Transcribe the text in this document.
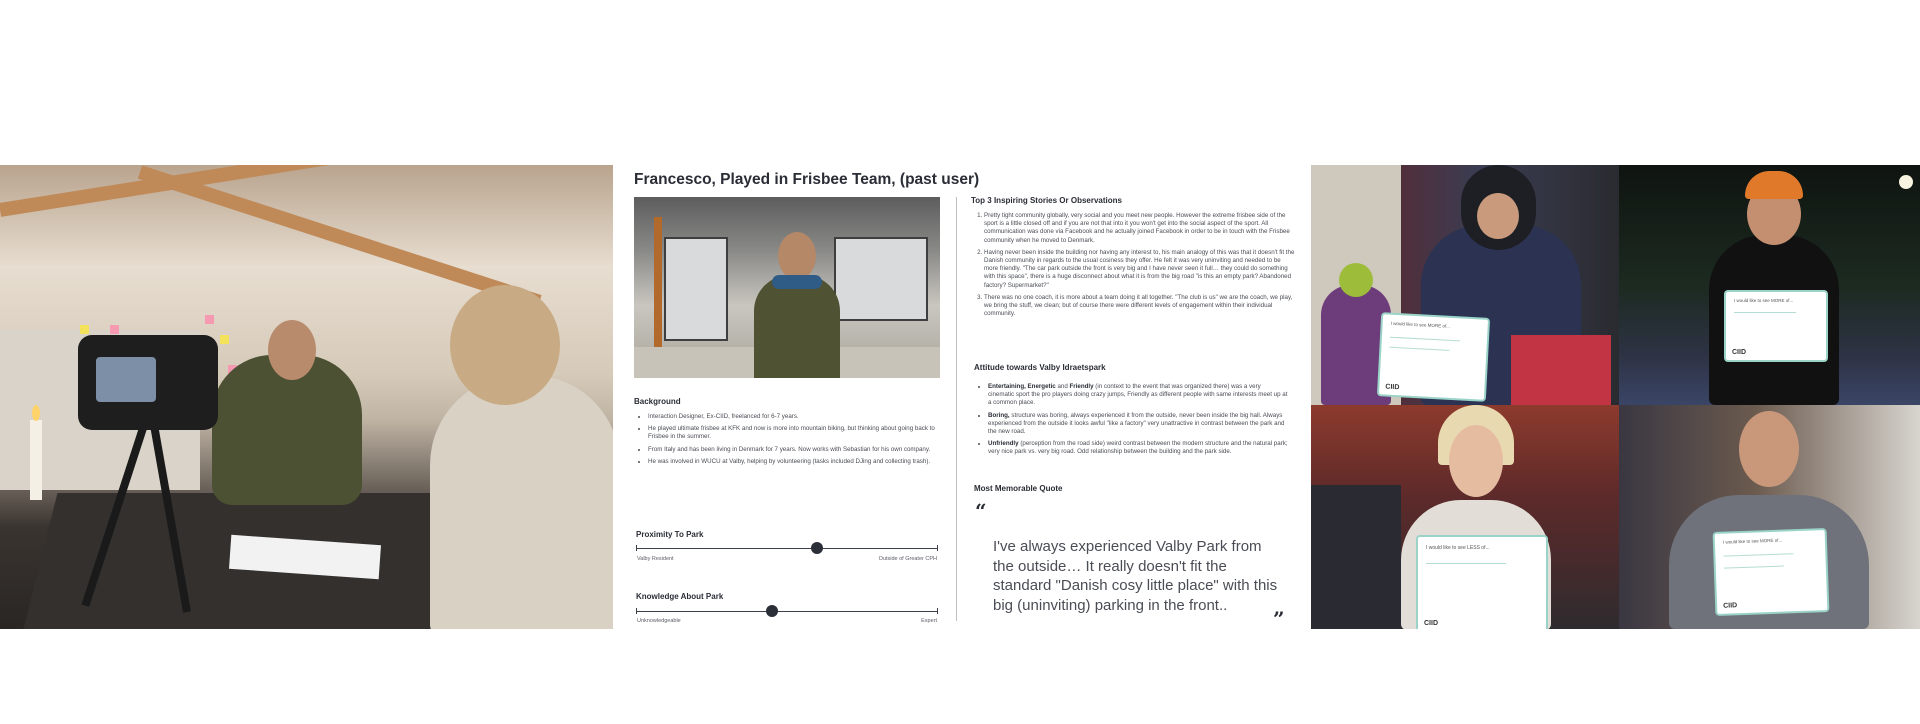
Francesco, Played in Frisbee Team, (past user)
Background
• Interaction Designer, Ex-CIID, freelanced for 6-7 years.
• He played ultimate frisbee at KFK and now is more into mountain biking, but thinking about going back to Frisbee in the summer.
• From Italy and has been living in Denmark for 7 years. Now works with Sebastian for his own company.
• He was involved in WUCU at Valby, helping by volunteering (tasks included DJing and collecting trash).
Proximity To Park
Valby Resident	Outside of Greater CPH
Knowledge About Park
Unknowledgeable	Expert
Top 3 Inspiring Stories Or Observations
1. Pretty tight community globally, very social and you meet new people. However the extreme frisbee side of the sport is a little closed off and if you are not that into it you won't get into the social aspect of the sport. All communication was done via Facebook and he actually joined Facebook in order to be in touch with the Frisbee community when he moved to Denmark.
2. Having never been inside the building nor having any interest to, his main analogy of this was that it doesn't fit the Danish community in regards to the usual cosiness they offer. He felt it was very uninviting and needed to be more friendly. "The car park outside the front is very big and I have never seen it full… they could do something with this space", there is a huge disconnect about what it is from the big road "is this an empty park? Abandoned factory? Supermarket?"
3. There was no one coach, it is more about a team doing it all together. "The club is us" we are the coach, we play, we bring the stuff, we clean; but of course there were different levels of engagement within their individual community.
Attitude towards Valby Idraetspark
• Entertaining, Energetic and Friendly (in context to the event that was organized there) was a very cinematic sport the pro players doing crazy jumps, Friendly as different people with same interests meet up at a common place.
• Boring, structure was boring, always experienced it from the outside, never been inside the big hall. Always experienced from the outside it looks awful "like a factory" very unattractive in contrast between the park and the new road.
• Unfriendly (perception from the road side) weird contrast between the modern structure and the natural park; very nice park vs. very big road. Odd relationship between the building and the park side.
Most Memorable Quote
“
I've always experienced Valby Park from the outside… It really doesn't fit the standard "Danish cosy little place" with this big (uninviting) parking in the front..
”
I would like to see MORE of...
CIID
I would like to see MORE of...
CIID
I would like to see LESS of...
CIID
I would like to see MORE of...
CIID
